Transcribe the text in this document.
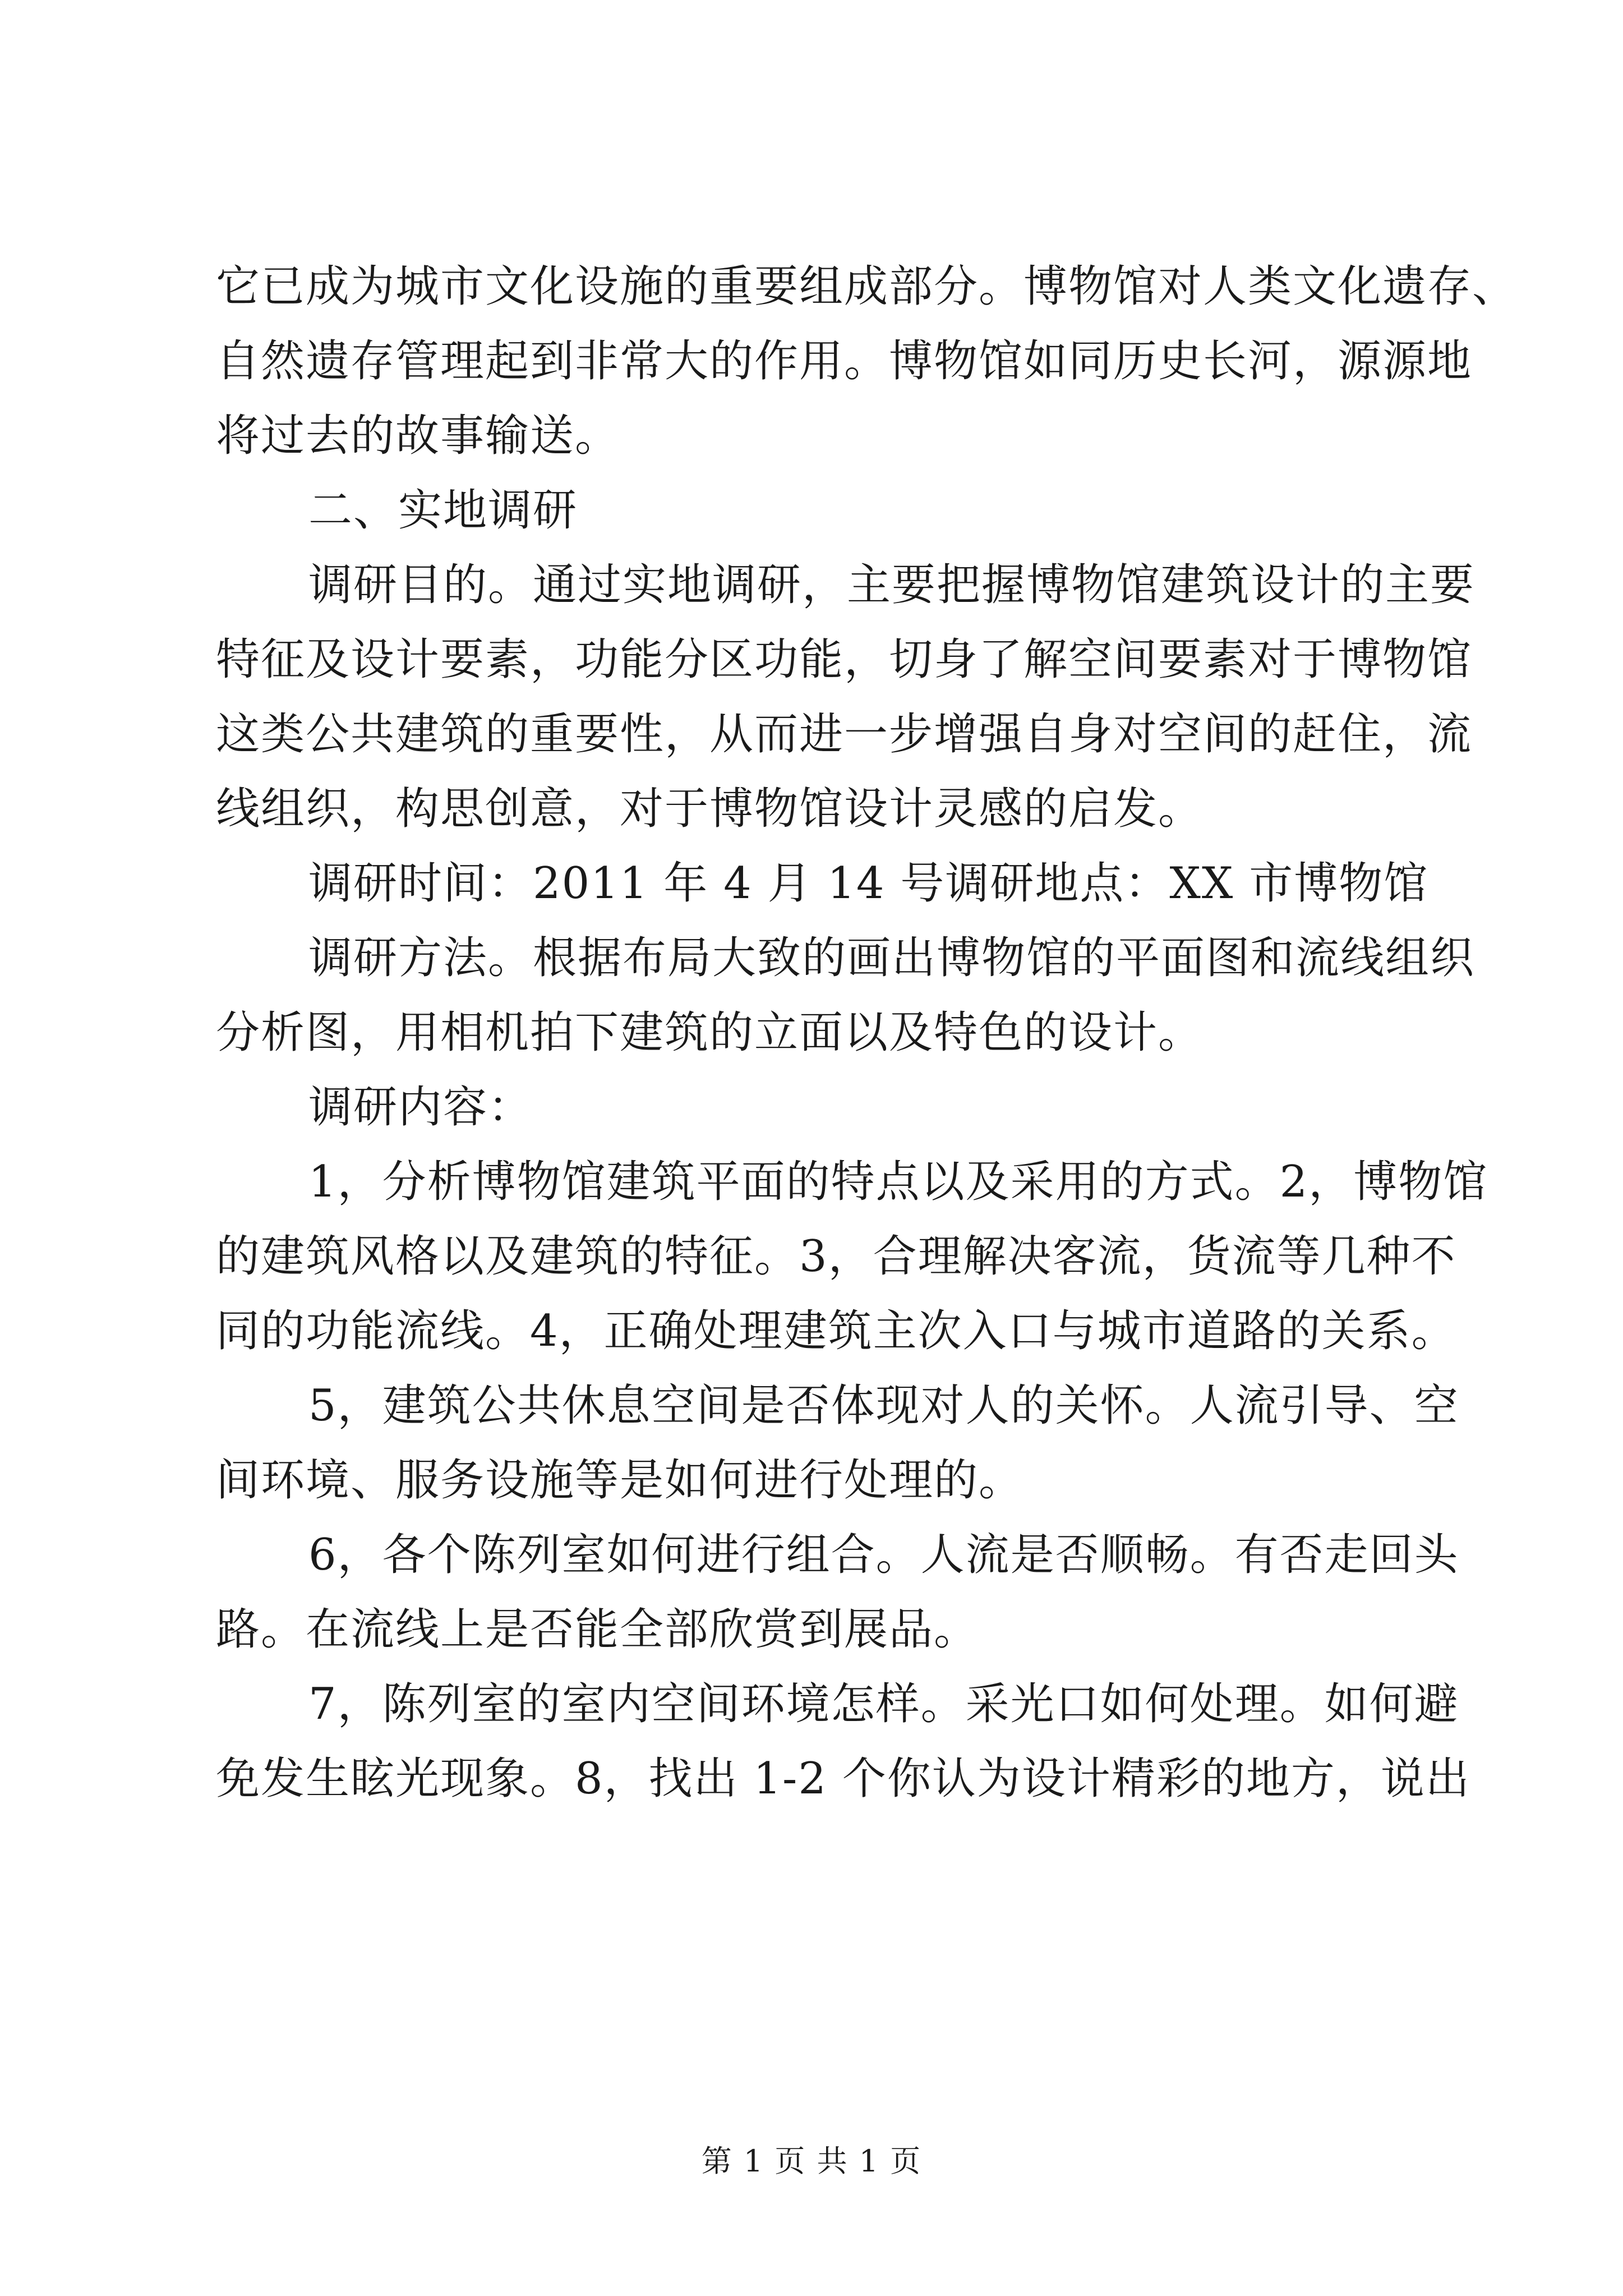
它已成为城市文化设施的重要组成部分。博物馆对人类文化遗存、
自然遗存管理起到非常大的作用。博物馆如同历史长河，源源地
将过去的故事输送。

二、实地调研

调研目的。通过实地调研，主要把握博物馆建筑设计的主要
特征及设计要素，功能分区功能，切身了解空间要素对于博物馆
这类公共建筑的重要性，从而进一步增强自身对空间的赶住，流
线组织，构思创意，对于博物馆设计灵感的启发。

调研时间：2011 年 4 月 14 号调研地点：XX 市博物馆

调研方法。根据布局大致的画出博物馆的平面图和流线组织
分析图，用相机拍下建筑的立面以及特色的设计。

调研内容：

1，分析博物馆建筑平面的特点以及采用的方式。2，博物馆
的建筑风格以及建筑的特征。3，合理解决客流，货流等几种不
同的功能流线。4，正确处理建筑主次入口与城市道路的关系。

5，建筑公共休息空间是否体现对人的关怀。人流引导、空
间环境、服务设施等是如何进行处理的。

6，各个陈列室如何进行组合。人流是否顺畅。有否走回头
路。在流线上是否能全部欣赏到展品。

7，陈列室的室内空间环境怎样。采光口如何处理。如何避
免发生眩光现象。8，找出 1-2 个你认为设计精彩的地方，说出

第 1 页 共 1 页
